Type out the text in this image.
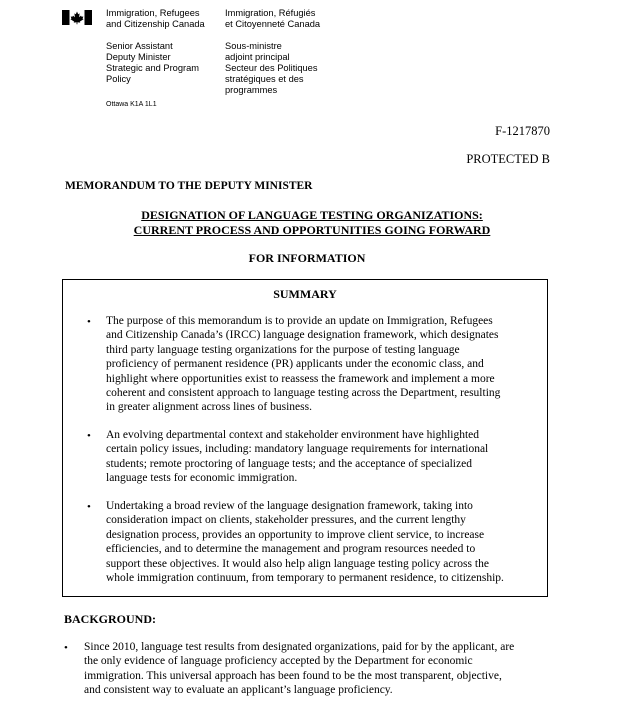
Immigration, Refugees
and Citizenship Canada
Immigration, Réfugiés
et Citoyenneté Canada
Senior Assistant
Deputy Minister
Strategic and Program
Policy
Sous-ministre
adjoint principal
Secteur des Politiques
stratégiques et des
programmes
Ottawa K1A 1L1
F-1217870
PROTECTED B
MEMORANDUM TO THE DEPUTY MINISTER
DESIGNATION OF LANGUAGE TESTING ORGANIZATIONS:
CURRENT PROCESS AND OPPORTUNITIES GOING FORWARD
FOR INFORMATION
SUMMARY
• The purpose of this memorandum is to provide an update on Immigration, Refugees
and Citizenship Canada’s (IRCC) language designation framework, which designates
third party language testing organizations for the purpose of testing language
proficiency of permanent residence (PR) applicants under the economic class, and
highlight where opportunities exist to reassess the framework and implement a more
coherent and consistent approach to language testing across the Department, resulting
in greater alignment across lines of business.
• An evolving departmental context and stakeholder environment have highlighted
certain policy issues, including: mandatory language requirements for international
students; remote proctoring of language tests; and the acceptance of specialized
language tests for economic immigration.
• Undertaking a broad review of the language designation framework, taking into
consideration impact on clients, stakeholder pressures, and the current lengthy
designation process, provides an opportunity to improve client service, to increase
efficiencies, and to determine the management and program resources needed to
support these objectives. It would also help align language testing policy across the
whole immigration continuum, from temporary to permanent residence, to citizenship.
BACKGROUND:
• Since 2010, language test results from designated organizations, paid for by the applicant, are
the only evidence of language proficiency accepted by the Department for economic
immigration. This universal approach has been found to be the most transparent, objective,
and consistent way to evaluate an applicant’s language proficiency.
